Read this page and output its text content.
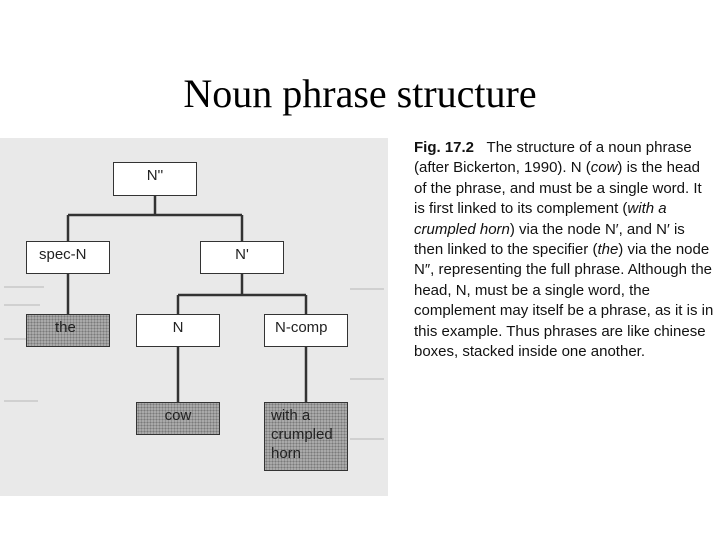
Noun phrase structure
N''
spec-N	N'
the	N	N-comp
cow	with a
crumpled
horn
Fig. 17.2 The structure of a noun phrase (after Bickerton, 1990). N (cow) is the head of the phrase, and must be a single word. It is first linked to its complement (with a crumpled horn) via the node N′, and N′ is then linked to the specifier (the) via the node N″, representing the full phrase. Although the head, N, must be a single word, the complement may itself be a phrase, as it is in this example. Thus phrases are like chinese boxes, stacked inside one another.
